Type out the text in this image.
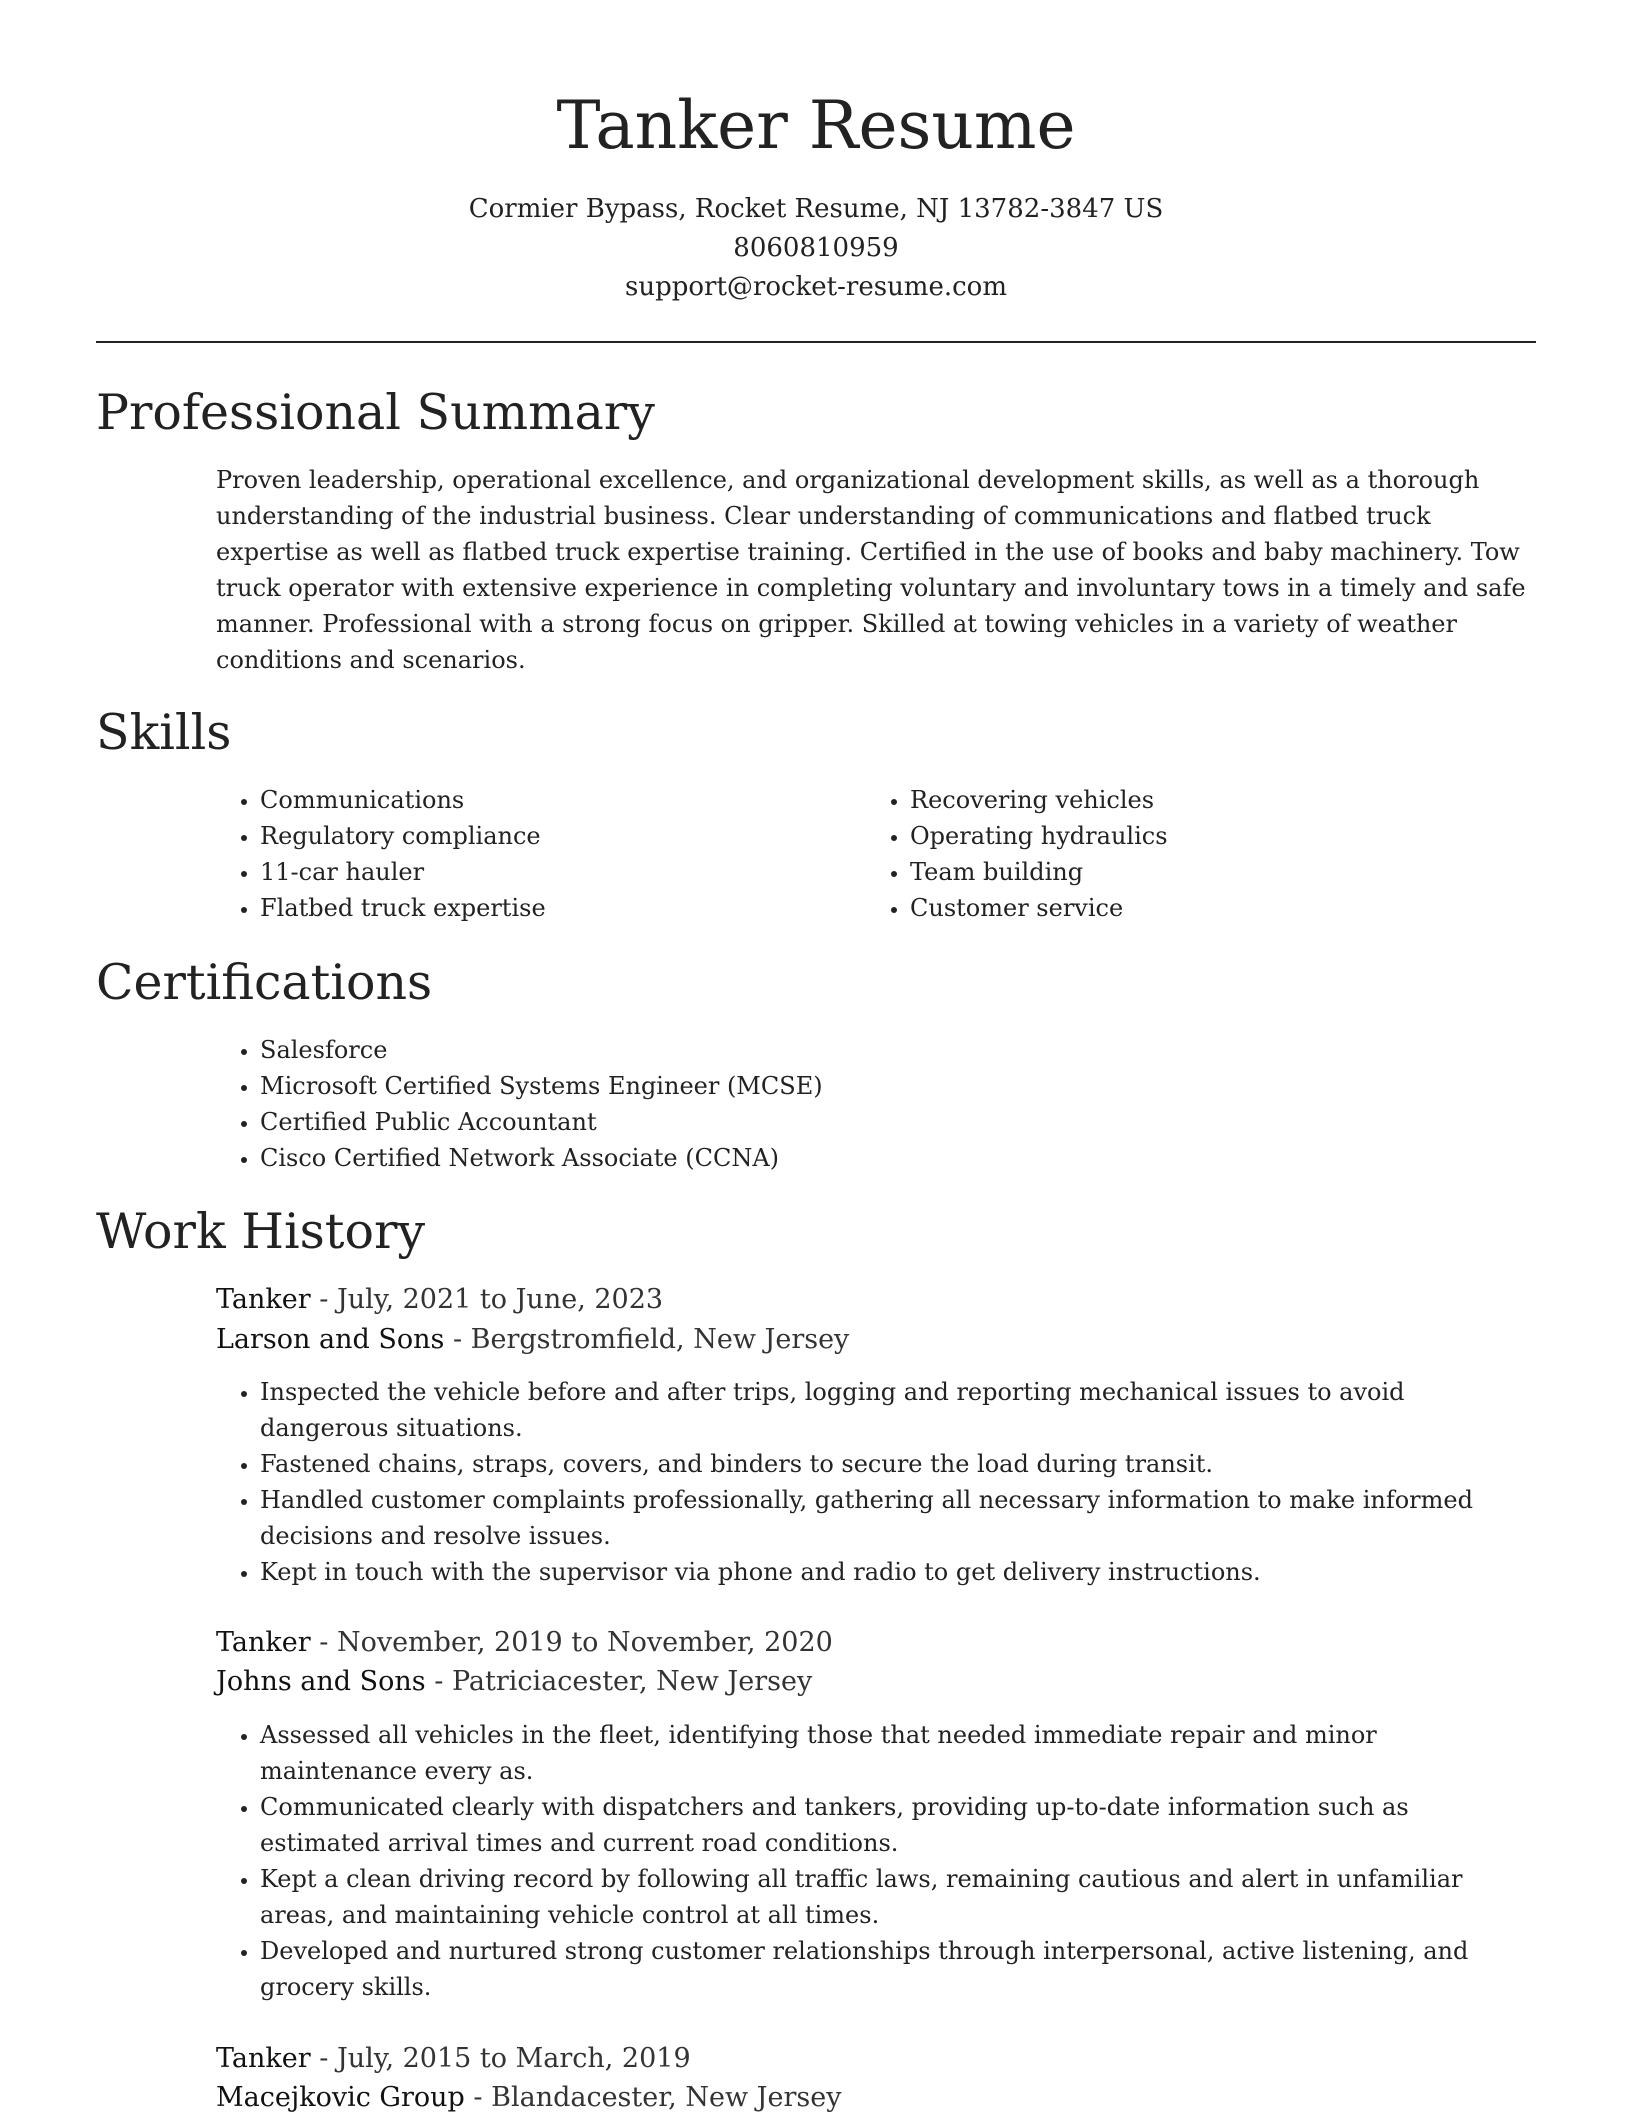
Tanker Resume
Cormier Bypass, Rocket Resume, NJ 13782-3847 US
8060810959
support@rocket-resume.com
Professional Summary

Proven leadership, operational excellence, and organizational development skills, as well as a thorough understanding of the industrial business. Clear understanding of communications and flatbed truck expertise as well as flatbed truck expertise training. Certified in the use of books and baby machinery. Tow truck operator with extensive experience in completing voluntary and involuntary tows in a timely and safe manner. Professional with a strong focus on gripper. Skilled at towing vehicles in a variety of weather conditions and scenarios.

Skills
• Communications
• Regulatory compliance
• 11-car hauler
• Flatbed truck expertise
• Recovering vehicles
• Operating hydraulics
• Team building
• Customer service
Certifications
• Salesforce
• Microsoft Certified Systems Engineer (MCSE)
• Certified Public Accountant
• Cisco Certified Network Associate (CCNA)
Work History
Tanker - July, 2021 to June, 2023
Larson and Sons - Bergstromfield, New Jersey
• Inspected the vehicle before and after trips, logging and reporting mechanical issues to avoid dangerous situations.
• Fastened chains, straps, covers, and binders to secure the load during transit.
• Handled customer complaints professionally, gathering all necessary information to make informed decisions and resolve issues.
• Kept in touch with the supervisor via phone and radio to get delivery instructions.
Tanker - November, 2019 to November, 2020
Johns and Sons - Patriciacester, New Jersey
• Assessed all vehicles in the fleet, identifying those that needed immediate repair and minor maintenance every as.
• Communicated clearly with dispatchers and tankers, providing up-to-date information such as estimated arrival times and current road conditions.
• Kept a clean driving record by following all traffic laws, remaining cautious and alert in unfamiliar areas, and maintaining vehicle control at all times.
• Developed and nurtured strong customer relationships through interpersonal, active listening, and grocery skills.
Tanker - July, 2015 to March, 2019
Macejkovic Group - Blandacester, New Jersey
